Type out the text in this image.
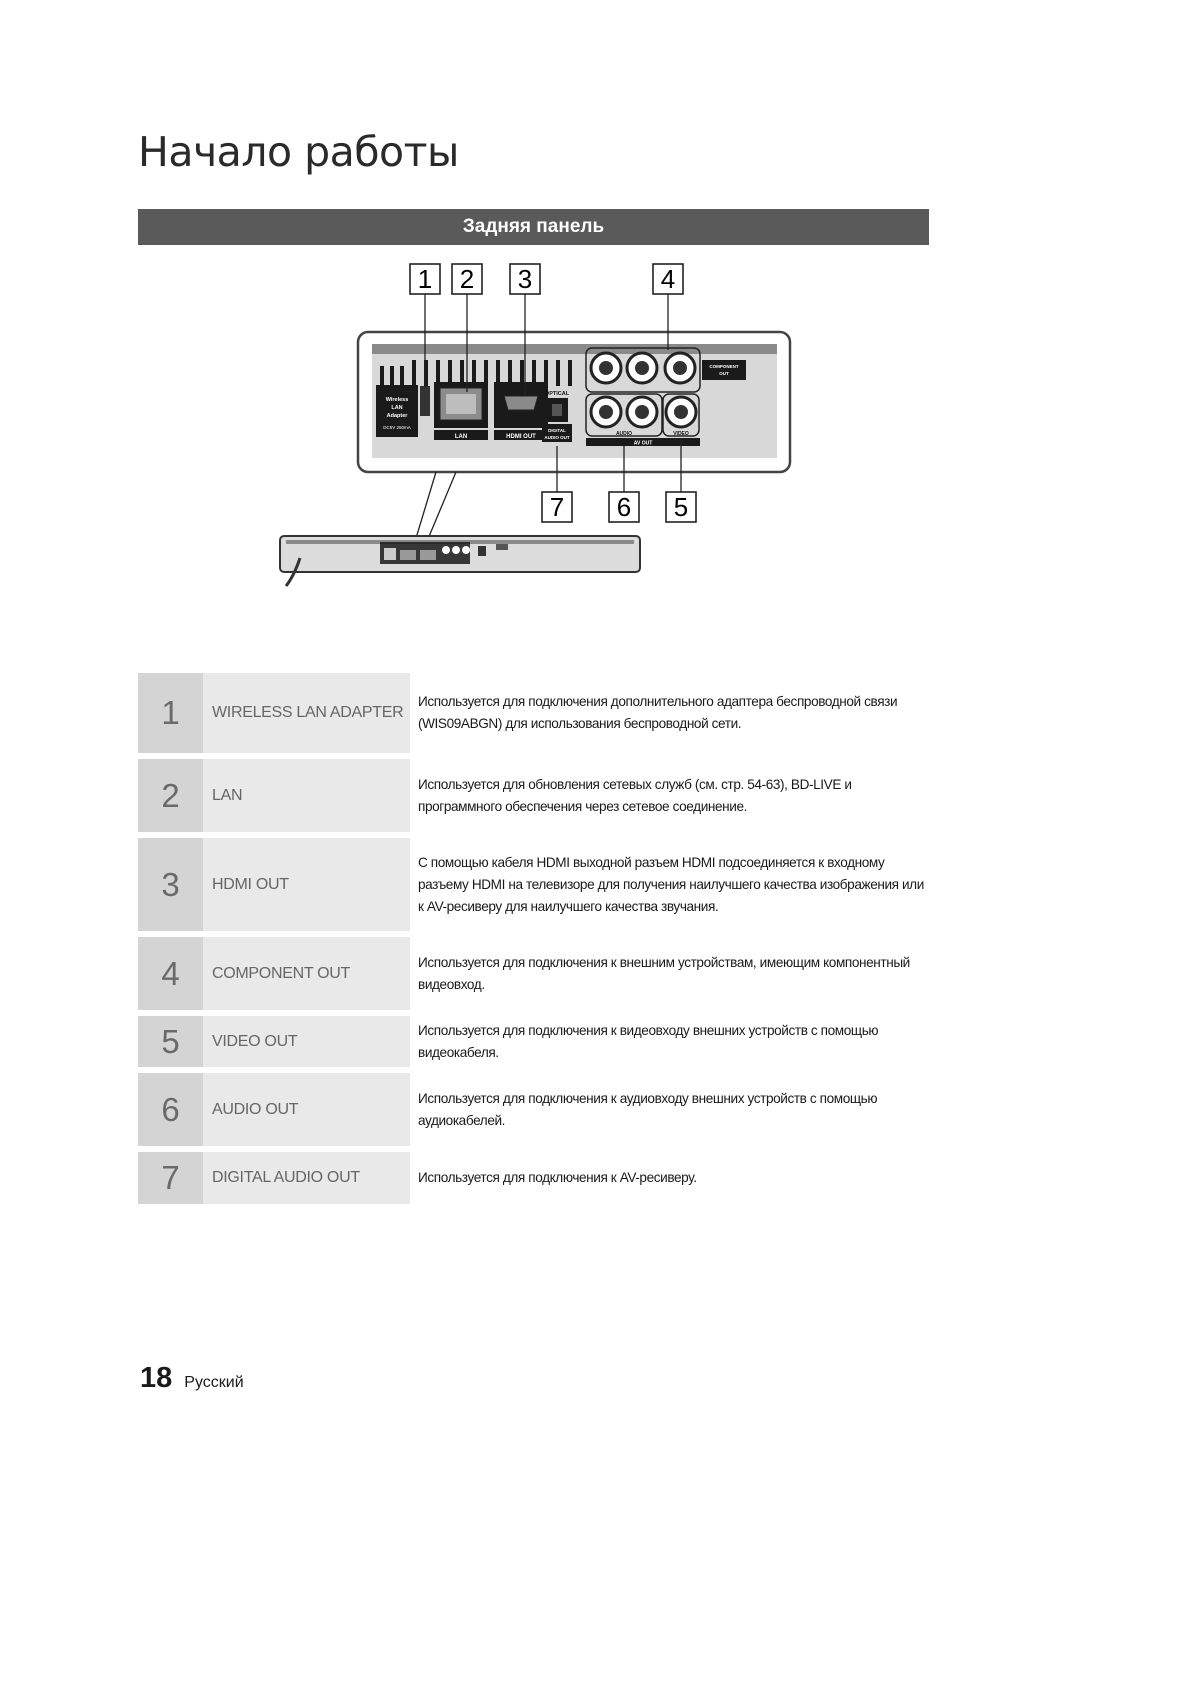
Начало работы
Задняя панель
1 2 3	4
Wireless
LAN
Adapter
DC5V 250mA
LAN	HDMI OUT
OPTICAL
DIGITAL
AUDIO OUT
COMPONENT
OUT
AUDIO
AV OUT
VIDEO
7 6 5
1	WIRELESS LAN ADAPTER	Используется для подключения дополнительного адаптера беспроводной связи (WIS09ABGN) для использования беспроводной сети.
2	LAN	Используется для обновления сетевых служб (см. стр. 54-63), BD-LIVE и программного обеспечения через сетевое соединение.
3	HDMI OUT	С помощью кабеля HDMI выходной разъем HDMI подсоединяется к входному разъему HDMI на телевизоре для получения наилучшего качества изображения или к AV-ресиверу для наилучшего качества звучания.
4	COMPONENT OUT	Используется для подключения к внешним устройствам, имеющим компонентный видеовход.
5	VIDEO OUT	Используется для подключения к видеовходу внешних устройств с помощью видеокабеля.
6	AUDIO OUT	Используется для подключения к аудиовходу внешних устройств с помощью аудиокабелей.
7	DIGITAL AUDIO OUT	Используется для подключения к AV-ресиверу.
18 Русский
